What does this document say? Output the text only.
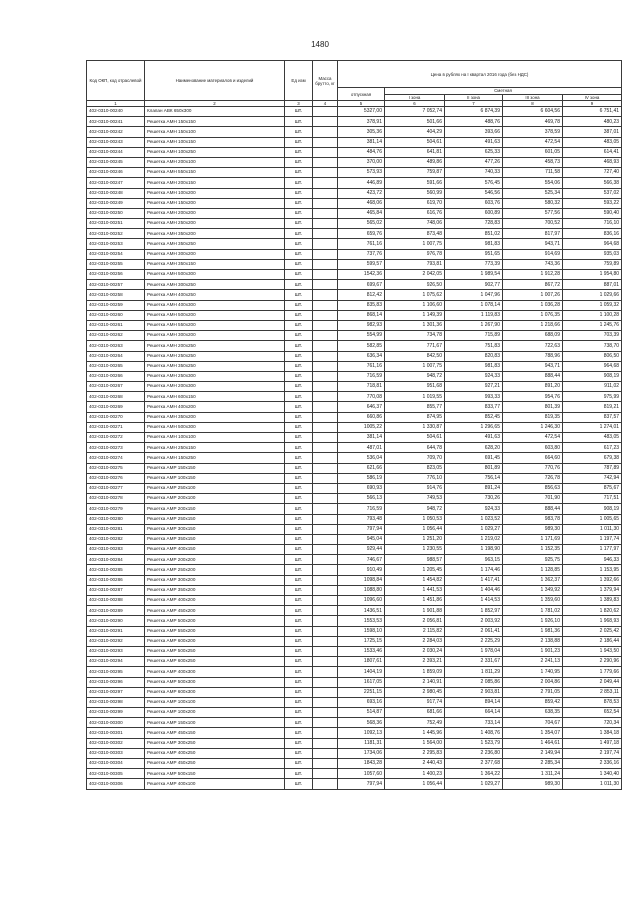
1480
Код ОКП, код отраслевой	Наименование материалов и изделий	Ед изм	Масса брутто, кг	Цена в рублях на I квартал 2016 года (без НДС)				
				отпускная	Сметная			
					I зона	II зона	III зона	IV зона
1	2	3	4	5	6	7	8	9
402-0310-00240	Клапан АВК 650х300	шт.		5327,00	7 052,74	6 874,39	6 604,56	6 751,41
402-0310-00241	Решетка АМН 150х150	шт.		378,91	501,66	488,76	469,78	480,23
402-0310-00242	Решетка АМН 150х100	шт.		305,36	404,29	393,66	378,59	387,01
402-0310-00243	Решетка АМН 100х150	шт.		381,14	504,61	491,63	472,54	483,05
402-0310-00244	Решетка АМН 100х250	шт.		484,76	641,81	625,33	601,05	614,41
402-0310-00245	Решетка АМН 200х100	шт.		370,00	489,86	477,26	458,73	468,93
402-0310-00246	Решетка АМН 550х150	шт.		573,93	759,87	740,33	711,58	727,40
402-0310-00247	Решетка АМН 200х150	шт.		446,89	591,66	576,45	554,06	566,38
402-0310-00248	Решетка АМН 100х200	шт.		423,72	560,99	546,56	525,34	537,02
402-0310-00249	Решетка АМН 150х200	шт.		468,06	619,70	603,76	580,32	593,22
402-0310-00250	Решетка АМН 200х200	шт.		465,84	616,76	600,89	577,56	590,40
402-0310-00251	Решетка АМН 250х200	шт.		565,02	748,06	728,83	700,52	716,10
402-0310-00252	Решетка АМН 350х200	шт.		659,76	873,48	851,02	817,97	836,16
402-0310-00253	Решетка АМН 350х250	шт.		761,16	1 007,75	981,83	943,71	964,68
402-0310-00254	Решетка АМН 300х200	шт.		737,76	976,78	951,65	914,69	935,03
402-0310-00255	Решетка АМН 350х150	шт.		599,57	793,81	773,39	743,36	759,89
402-0310-00256	Решетка АМН 500х300	шт.		1542,36	2 042,05	1 989,54	1 912,28	1 954,80
402-0310-00257	Решетка АМН 300х250	шт.		699,67	926,50	902,77	867,72	887,01
402-0310-00258	Решетка АМН 400х250	шт.		812,42	1 075,62	1 047,96	1 007,26	1 029,66
402-0310-00259	Решетка АМН 400х300	шт.		835,83	1 106,60	1 078,14	1 036,28	1 059,32
402-0310-00260	Решетка АМН 500х200	шт.		868,14	1 149,39	1 119,83	1 076,35	1 100,28
402-0310-00261	Решетка АМН 550х200	шт.		982,93	1 301,36	1 267,90	1 218,66	1 245,76
402-0310-00262	Решетка АМН 300х200	шт.		554,99	734,78	715,89	688,09	703,39
402-0310-00263	Решетка АМН 200х250	шт.		582,85	771,67	751,83	722,63	738,70
402-0310-00264	Решетка АМН 250х250	шт.		636,34	842,50	820,83	788,96	806,50
402-0310-00265	Решетка АМН 350х250	шт.		761,16	1 007,75	981,83	943,71	964,68
402-0310-00266	Решетка АМН 250х300	шт.		716,59	948,72	924,33	888,44	908,19
402-0310-00267	Решетка АМН 200х300	шт.		718,81	951,68	927,21	891,20	911,02
402-0310-00268	Решетка АМН 600х150	шт.		770,08	1 019,55	993,33	954,76	975,99
402-0310-00269	Решетка АМН 400х200	шт.		646,37	855,77	833,77	801,39	819,21
402-0310-00270	Решетка АМН 350х200	шт.		660,86	874,95	852,45	819,35	837,57
402-0310-00271	Решетка АМН 500х300	шт.		1005,22	1 330,87	1 296,65	1 246,30	1 274,01
402-0310-00272	Решетка АМН 100х100	шт.		381,14	504,61	491,63	472,54	483,05
402-0310-00273	Решетка АМН 250х150	шт.		487,01	644,78	628,20	603,80	617,23
402-0310-00274	Решетка АМН 150х250	шт.		536,04	709,70	691,45	664,60	679,38
402-0310-00275	Решетка АМР 150х150	шт.		621,66	823,05	801,89	770,76	787,89
402-0310-00276	Решетка АМР 100х150	шт.		586,19	776,10	756,14	726,78	742,94
402-0310-00277	Решетка АМР 250х100	шт.		690,93	914,76	891,24	856,63	875,67
402-0310-00278	Решетка АМР 200х100	шт.		566,13	749,53	730,26	701,90	717,51
402-0310-00279	Решетка АМР 200х150	шт.		716,59	948,72	924,33	888,44	908,19
402-0310-00280	Решетка АМР 250х150	шт.		793,48	1 050,53	1 023,52	983,78	1 005,65
402-0310-00281	Решетка АМР 300х150	шт.		797,94	1 056,44	1 029,27	989,30	1 011,30
402-0310-00282	Решетка АМР 350х150	шт.		945,04	1 251,20	1 219,02	1 171,69	1 197,74
402-0310-00283	Решетка АМР 400х150	шт.		929,44	1 230,55	1 198,90	1 152,35	1 177,97
402-0310-00284	Решетка АМР 200х200	шт.		746,67	988,57	963,15	925,75	946,33
402-0310-00285	Решетка АМР 250х200	шт.		910,49	1 205,45	1 174,46	1 128,85	1 153,95
402-0310-00286	Решетка АМР 300х200	шт.		1098,84	1 454,82	1 417,41	1 362,37	1 392,66
402-0310-00287	Решетка АМР 350х200	шт.		1088,80	1 441,53	1 404,46	1 349,92	1 379,94
402-0310-00288	Решетка АМР 400х200	шт.		1096,60	1 451,86	1 414,53	1 359,60	1 389,83
402-0310-00289	Решетка АМР 450х200	шт.		1436,51	1 901,88	1 852,97	1 781,02	1 820,62
402-0310-00290	Решетка АМР 500х200	шт.		1553,53	2 056,81	2 003,92	1 926,10	1 968,93
402-0310-00291	Решетка АМР 550х200	шт.		1598,10	2 115,82	2 061,41	1 981,36	2 025,42
402-0310-00292	Решетка АМР 600х200	шт.		1725,15	2 284,03	2 225,29	2 138,88	2 186,44
402-0310-00293	Решетка АМР 500х250	шт.		1533,46	2 030,24	1 978,04	1 901,23	1 943,50
402-0310-00294	Решетка АМР 600х250	шт.		1807,61	2 393,21	2 331,67	2 241,13	2 290,96
402-0310-00295	Решетка АМР 400х300	шт.		1404,19	1 859,09	1 811,29	1 740,95	1 779,66
402-0310-00296	Решетка АМР 500х300	шт.		1617,05	2 140,91	2 085,86	2 004,86	2 049,44
402-0310-00297	Решетка АМР 600х300	шт.		2251,15	2 980,45	2 903,81	2 791,05	2 853,11
402-0310-00298	Решетка АМР 100х100	шт.		693,16	917,74	894,14	859,42	878,53
402-0310-00299	Решетка АМР 100х200	шт.		514,87	681,66	664,14	638,35	652,54
402-0310-00300	Решетка АМР 150х100	шт.		568,36	752,49	733,14	704,67	720,34
402-0310-00301	Решетка АМР 450х150	шт.		1092,13	1 445,96	1 408,76	1 354,07	1 384,18
402-0310-00302	Решетка АМР 300х250	шт.		1181,31	1 564,00	1 523,79	1 464,61	1 497,18
402-0310-00303	Решетка АМР 400х250	шт.		1734,06	2 295,83	2 236,80	2 149,94	2 197,74
402-0310-00304	Решетка АМР 450х250	шт.		1843,28	2 440,43	2 377,68	2 285,34	2 336,16
402-0310-00305	Решетка АМР 500х150	шт.		1057,60	1 400,23	1 364,22	1 311,24	1 340,40
402-0310-00306	Решетка АМР 400х100	шт.		797,94	1 056,44	1 029,27	989,30	1 011,30
